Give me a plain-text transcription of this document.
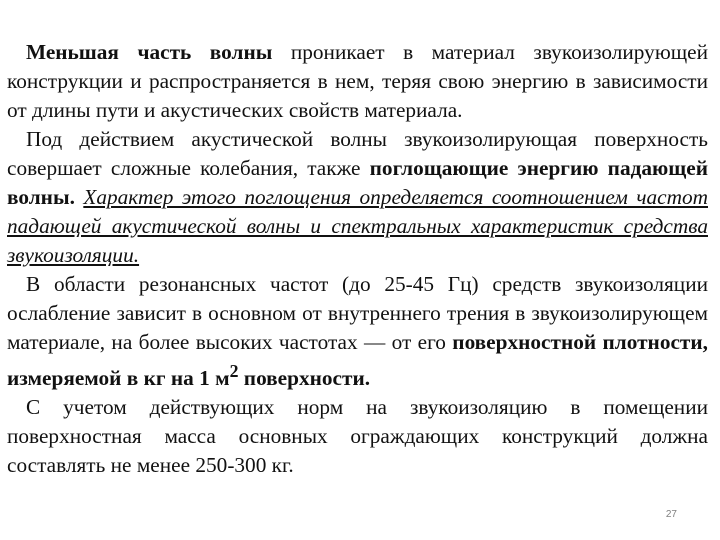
Меньшая часть волны проникает в материал звукоизолирующей конструкции и распространяется в нем, теряя свою энергию в зависимости от длины пути и акустических свойств материала.

Под действием акустической волны звукоизолирующая поверхность совершает сложные колебания, также поглощающие энергию падающей волны. Характер этого поглощения определяется соотношением частот падающей акустической волны и спектральных характеристик средства звукоизоляции.

В области резонансных частот (до 25-45 Гц) средств звукоизоляции ослабление зависит в основном от внутреннего трения в звукоизолирующем материале, на более высоких частотах — от его поверхностной плотности, измеряемой в кг на 1 $м^2$ поверхности.

С учетом действующих норм на звукоизоляцию в помещении поверхностная масса основных ограждающих конструкций должна составлять не менее 250-300 кг.

27
